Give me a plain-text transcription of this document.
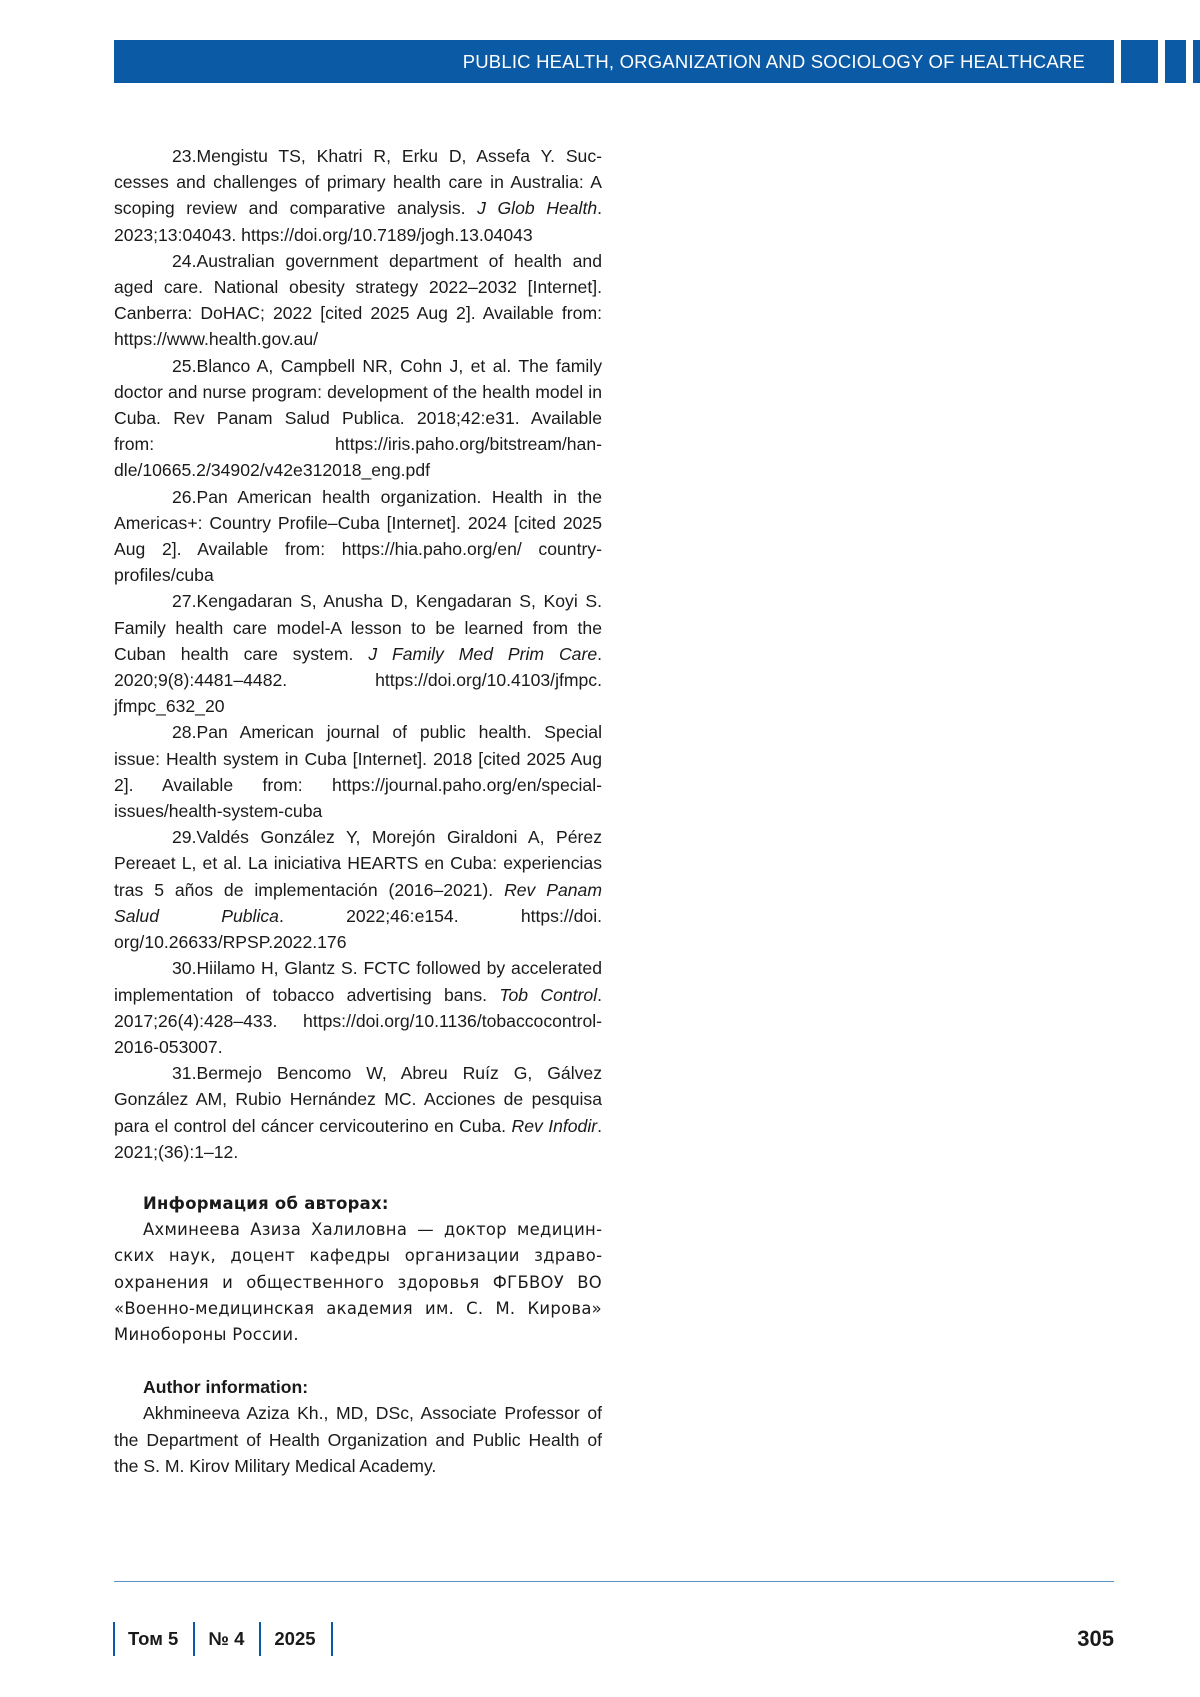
PUBLIC HEALTH, ORGANIZATION AND SOCIOLOGY OF HEALTHCARE

23.Mengistu TS, Khatri R, Erku D, Assefa Y. Successes and challenges of primary health care in Australia: A scoping review and comparative analysis. J Glob Health. 2023;13:04043. https://doi.org/10.7189/jogh.13.04043

24.Australian government department of health and aged care. National obesity strategy 2022–2032 [Internet]. Canberra: DoHAC; 2022 [cited 2025 Aug 2]. Available from: https://www.health.gov.au/

25.Blanco A, Campbell NR, Cohn J, et al. The family doctor and nurse program: development of the health model in Cuba. Rev Panam Salud Publica. 2018;42:e31. Available from: https://iris.paho.org/bitstream/handle/10665.2/34902/v42e312018_eng.pdf

26.Pan American health organization. Health in the Americas+: Country Profile–Cuba [Internet]. 2024 [cited 2025 Aug 2]. Available from: https://hia.paho.org/en/ country-profiles/cuba

27.Kengadaran S, Anusha D, Kengadaran S, Koyi S. Family health care model-A lesson to be learned from the Cuban health care system. J Family Med Prim Care. 2020;9(8):4481–4482. https://doi.org/10.4103/jfmpc. jfmpc_632_20

28.Pan American journal of public health. Special issue: Health system in Cuba [Internet]. 2018 [cited 2025 Aug 2]. Available from: https://journal.paho.org/en/special-issues/health-system-cuba

29.Valdés González Y, Morejón Giraldoni A, Pérez Pereaet L, et al. La iniciativa HEARTS en Cuba: experiencias tras 5 años de implementación (2016–2021). Rev Panam Salud Publica. 2022;46:e154. https://doi. org/10.26633/RPSP.2022.176

30.Hiilamo H, Glantz S. FCTC followed by accelerated implementation of tobacco advertising bans. Tob Control. 2017;26(4):428–433. https://doi.org/10.1136/tobaccocontrol-2016-053007.

31.Bermejo Bencomo W, Abreu Ruíz G, Gálvez González AM, Rubio Hernández MC. Acciones de pesquisa para el control del cáncer cervicouterino en Cuba. Rev Infodir. 2021;(36):1–12.

Информация об авторах:

Ахминеева Азиза Халиловна — доктор медицинских наук, доцент кафедры организации здравоохранения и общественного здоровья ФГБВОУ ВО «Военно-медицинская академия им. С. М. Кирова» Минобороны России.

Author information:

Akhmineeva Aziza Kh., MD, DSc, Associate Professor of the Department of Health Organization and Public Health of the S. M. Kirov Military Medical Academy.

Том 5	№ 4	2025	305
